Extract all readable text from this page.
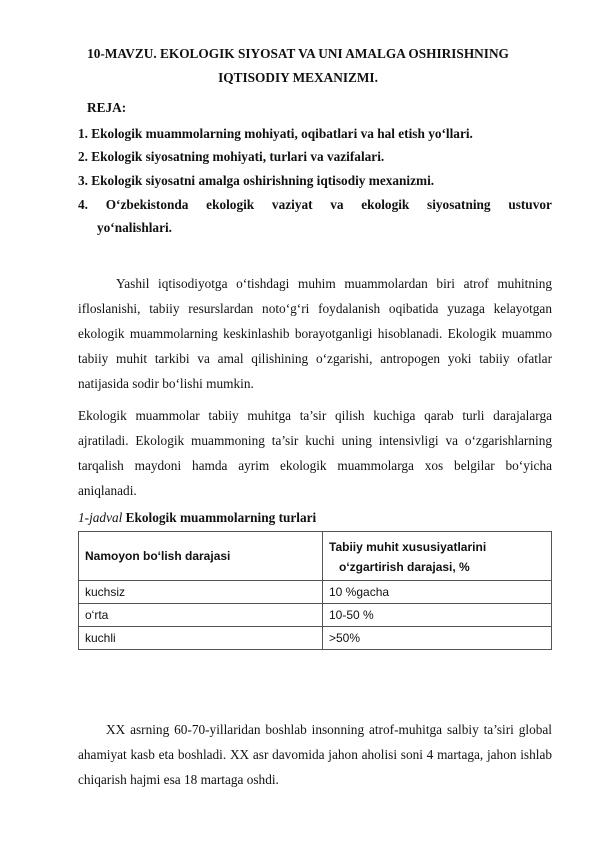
10-MAVZU. EKOLOGIK SIYOSAT VA UNI AMALGA OSHIRISHNING
IQTISODIY MEXANIZMI.
REJA:
1. Ekologik muammolarning mohiyati, oqibatlari va hal etish yo‘llari.
2. Ekologik siyosatning mohiyati, turlari va vazifalari.
3. Ekologik siyosatni amalga oshirishning iqtisodiy mexanizmi.
4. O‘zbekistonda ekologik vaziyat va ekologik siyosatning ustuvor
yo‘nalishlari.
Yashil iqtisodiyotga o‘tishdagi muhim muammolardan biri atrof muhitning ifloslanishi, tabiiy resurslardan noto‘g‘ri foydalanish oqibatida yuzaga kelayotgan ekologik muammolarning keskinlashib borayotganligi hisoblanadi. Ekologik muammo tabiiy muhit tarkibi va amal qilishining o‘zgarishi, antropogen yoki tabiiy ofatlar natijasida sodir bo‘lishi mumkin.
Ekologik muammolar tabiiy muhitga ta’sir qilish kuchiga qarab turli darajalarga ajratiladi. Ekologik muammoning ta’sir kuchi uning intensivligi va o‘zgarishlarning tarqalish maydoni hamda ayrim ekologik muammolarga xos belgilar bo‘yicha aniqlanadi.
1-jadval Ekologik muammolarning turlari
Namoyon bo‘lish darajasi	Tabiiy muhit xususiyatlarini
o‘zgartirish darajasi, %

kuchsiz	10 %gacha
o‘rta	10-50 %
kuchli	>50%
XX asrning 60-70-yillaridan boshlab insonning atrof-muhitga salbiy ta’siri global ahamiyat kasb eta boshladi. XX asr davomida jahon aholisi soni 4 martaga, jahon ishlab chiqarish hajmi esa 18 martaga oshdi.
